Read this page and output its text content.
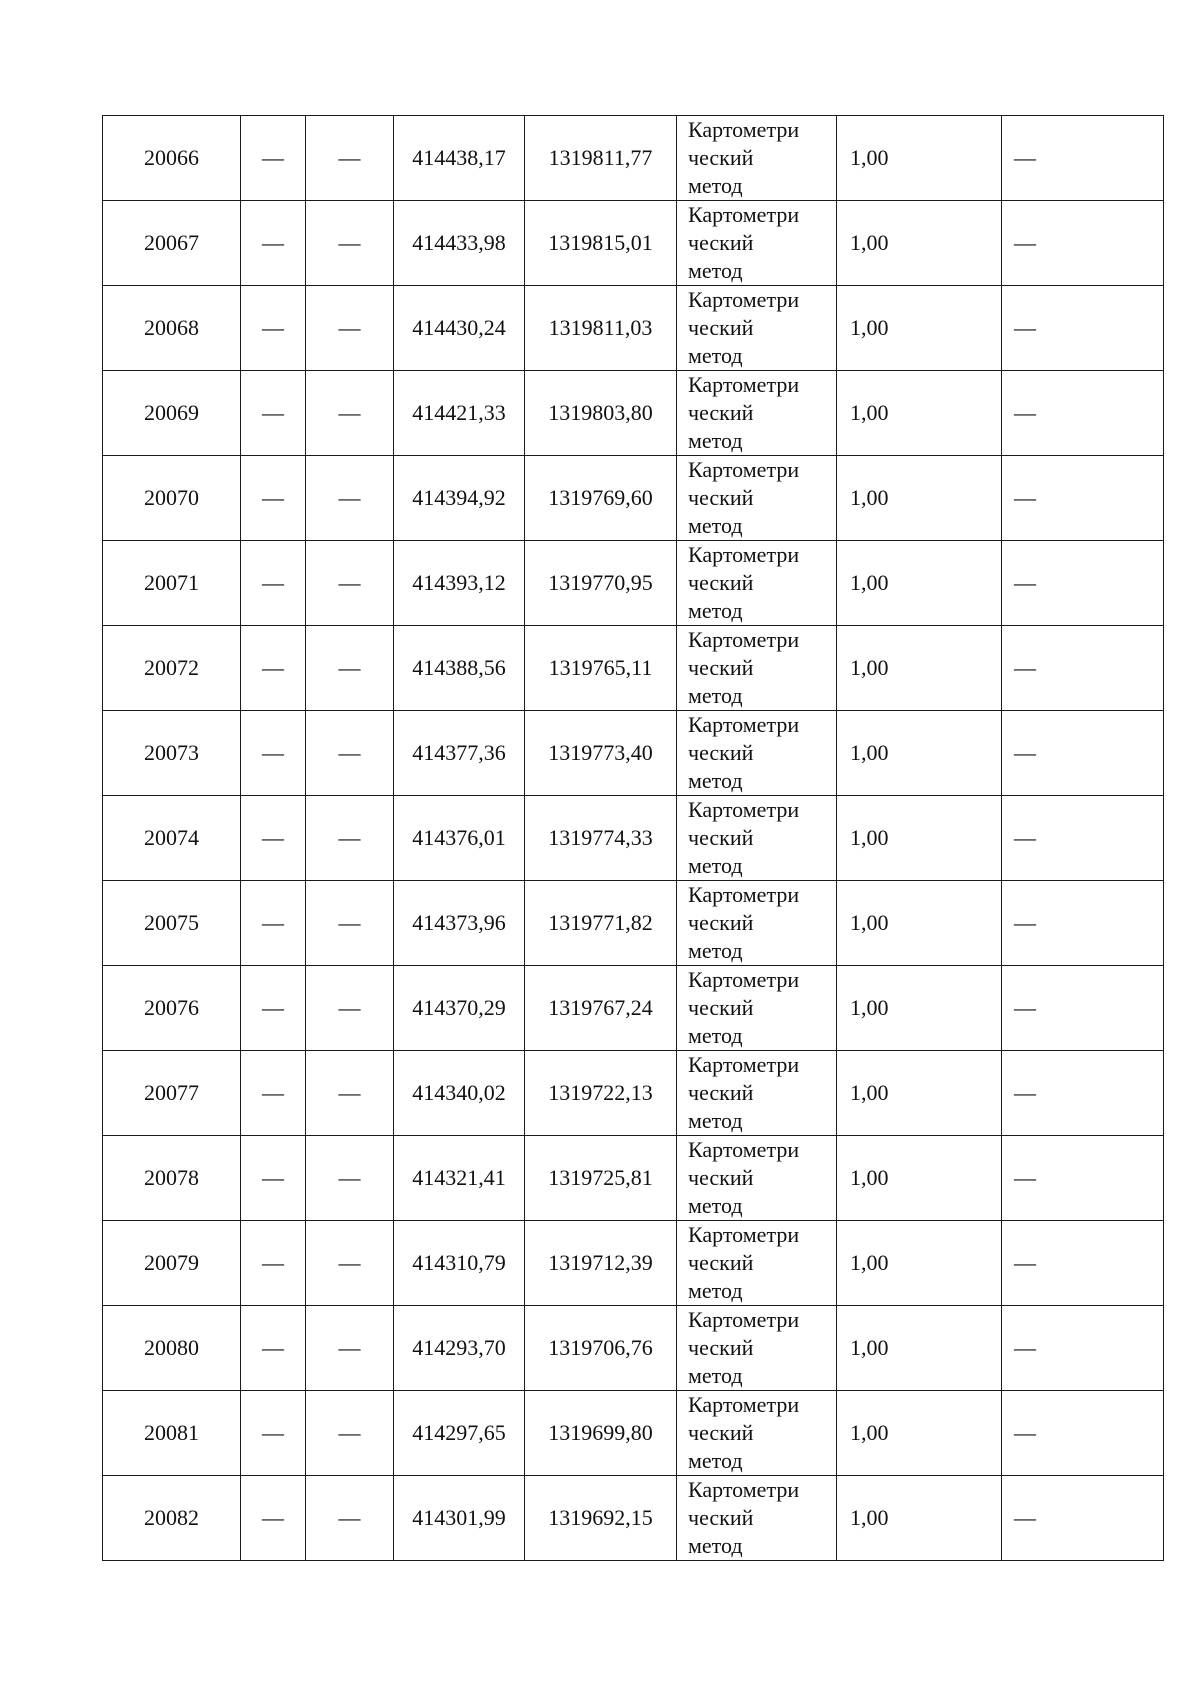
20066	—	—	414438,17	1319811,77	Картометри
ческий
метод	1,00	—
20067	—	—	414433,98	1319815,01	Картометри
ческий
метод	1,00	—
20068	—	—	414430,24	1319811,03	Картометри
ческий
метод	1,00	—
20069	—	—	414421,33	1319803,80	Картометри
ческий
метод	1,00	—
20070	—	—	414394,92	1319769,60	Картометри
ческий
метод	1,00	—
20071	—	—	414393,12	1319770,95	Картометри
ческий
метод	1,00	—
20072	—	—	414388,56	1319765,11	Картометри
ческий
метод	1,00	—
20073	—	—	414377,36	1319773,40	Картометри
ческий
метод	1,00	—
20074	—	—	414376,01	1319774,33	Картометри
ческий
метод	1,00	—
20075	—	—	414373,96	1319771,82	Картометри
ческий
метод	1,00	—
20076	—	—	414370,29	1319767,24	Картометри
ческий
метод	1,00	—
20077	—	—	414340,02	1319722,13	Картометри
ческий
метод	1,00	—
20078	—	—	414321,41	1319725,81	Картометри
ческий
метод	1,00	—
20079	—	—	414310,79	1319712,39	Картометри
ческий
метод	1,00	—
20080	—	—	414293,70	1319706,76	Картометри
ческий
метод	1,00	—
20081	—	—	414297,65	1319699,80	Картометри
ческий
метод	1,00	—
20082	—	—	414301,99	1319692,15	Картометри
ческий
метод	1,00	—
